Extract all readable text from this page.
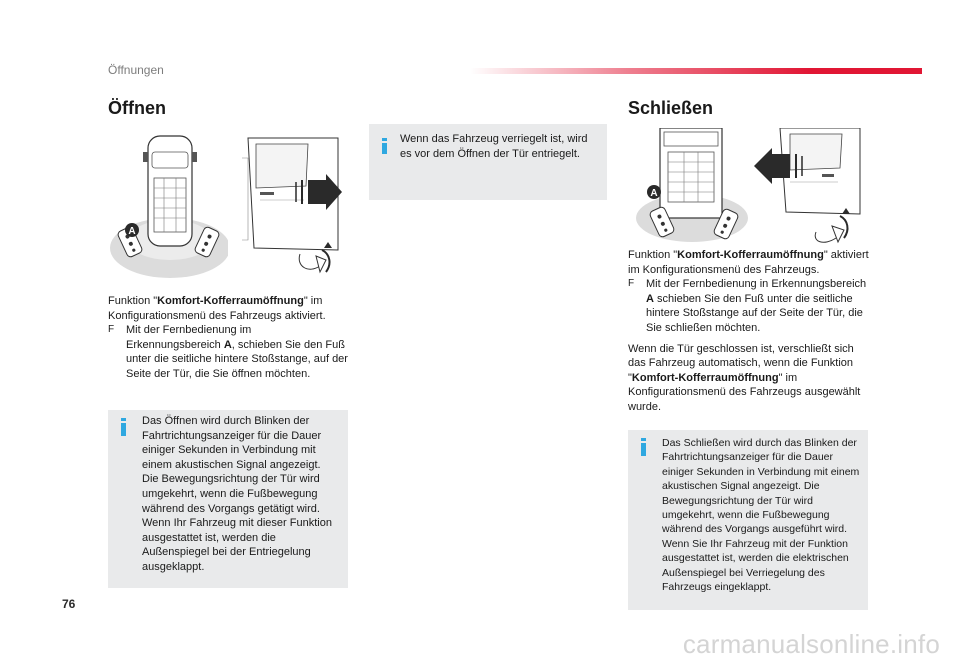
Öffnungen
Öffnen
A

Funktion "Komfort-Kofferraumöffnung" im Konfigurationsmenü des Fahrzeugs aktiviert.

F	Mit der Fernbedienung im Erkennungsbereich A, schieben Sie den Fuß unter die seitliche hintere Stoßstange, auf der Seite der Tür, die Sie öffnen möchten.
Das Öffnen wird durch Blinken der Fahrtrichtungsanzeiger für die Dauer einiger Sekunden in Verbindung mit einem akustischen Signal angezeigt. Die Bewegungsrichtung der Tür wird umgekehrt, wenn die Fußbewegung während des Vorgangs getätigt wird. Wenn Ihr Fahrzeug mit dieser Funktion ausgestattet ist, werden die Außenspiegel bei der Entriegelung ausgeklappt.
Wenn das Fahrzeug verriegelt ist, wird es vor dem Öffnen der Tür entriegelt.
Schließen
A

Funktion "Komfort-Kofferraumöffnung" aktiviert im Konfigurationsmenü des Fahrzeugs.

F	Mit der Fernbedienung in Erkennungsbereich A schieben Sie den Fuß unter die seitliche hintere Stoßstange auf der Seite der Tür, die Sie schließen möchten.

Wenn die Tür geschlossen ist, verschließt sich das Fahrzeug automatisch, wenn die Funktion "Komfort-Kofferraumöffnung" im Konfigurationsmenü des Fahrzeugs ausgewählt wurde.

Das Schließen wird durch das Blinken der Fahrtrichtungsanzeiger für die Dauer einiger Sekunden in Verbindung mit einem akustischen Signal angezeigt. Die Bewegungsrichtung der Tür wird umgekehrt, wenn die Fußbewegung während des Vorgangs ausgeführt wird. Wenn Sie Ihr Fahrzeug mit der Funktion ausgestattet ist, werden die elektrischen Außenspiegel bei Verriegelung des Fahrzeugs eingeklappt.
76
carmanualsonline.info
